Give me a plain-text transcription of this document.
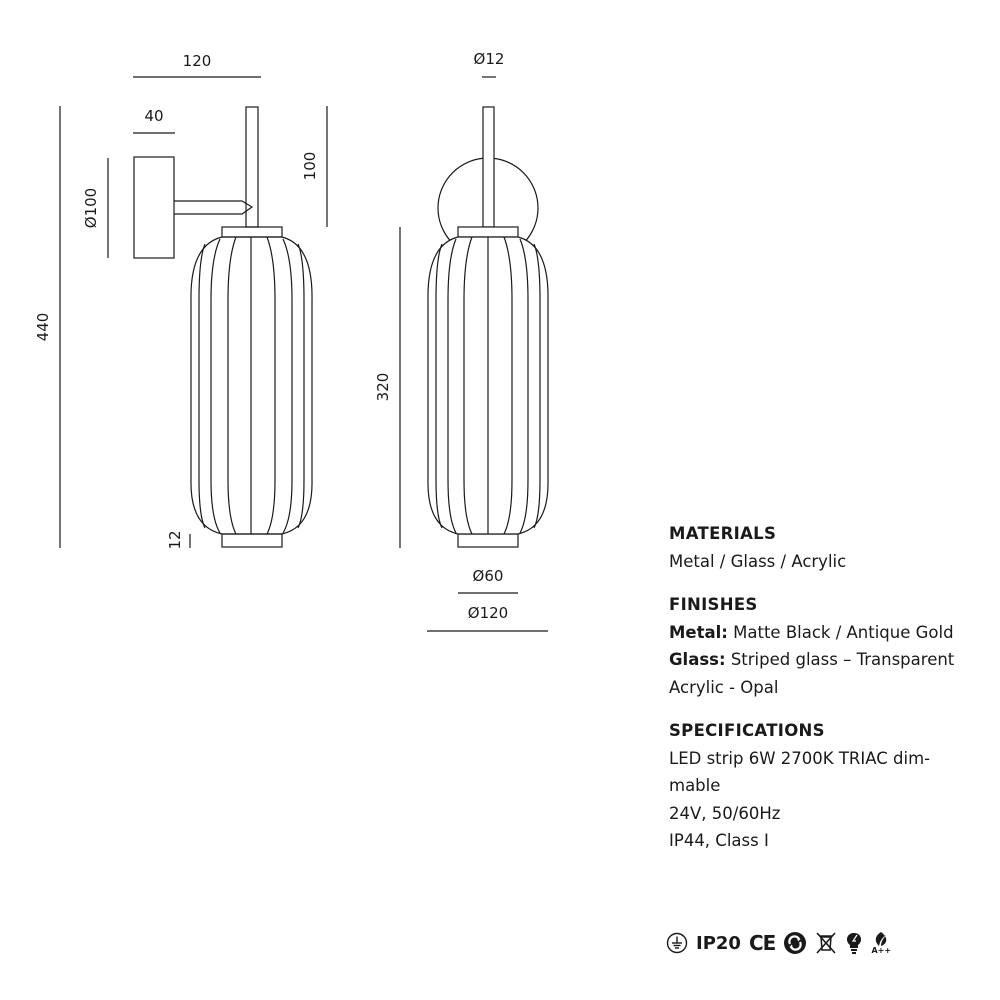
120
40
Ø100
440
100
12
Ø12
320
Ø60
Ø120
MATERIALS
Metal / Glass / Acrylic
FINISHES
Metal: Matte Black / Antique Gold
Glass: Striped glass – Transparent
Acrylic - Opal
SPECIFICATIONS
LED strip 6W 2700K TRIAC dim-
mable
24V, 50/60Hz
IP44, Class I
IP20 CE	A++
